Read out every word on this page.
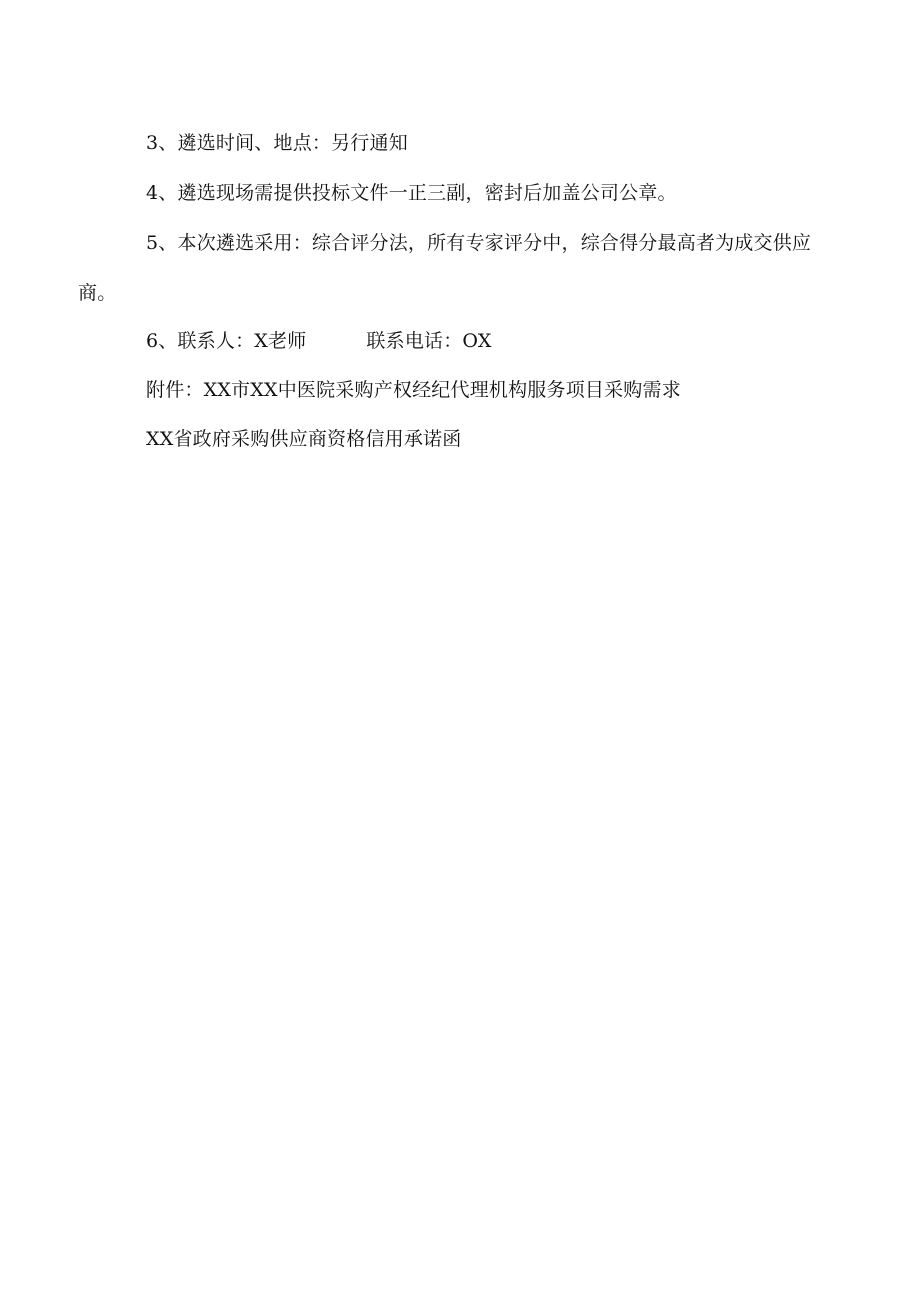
3、遴选时间、地点：另行通知
4、遴选现场需提供投标文件一正三副，密封后加盖公司公章。
5、本次遴选采用：综合评分法，所有专家评分中，综合得分最高者为成交供应
商。
6、联系人：X老师	联系电话：OX
附件：XX市XX中医院采购产权经纪代理机构服务项目采购需求
XX省政府采购供应商资格信用承诺函
